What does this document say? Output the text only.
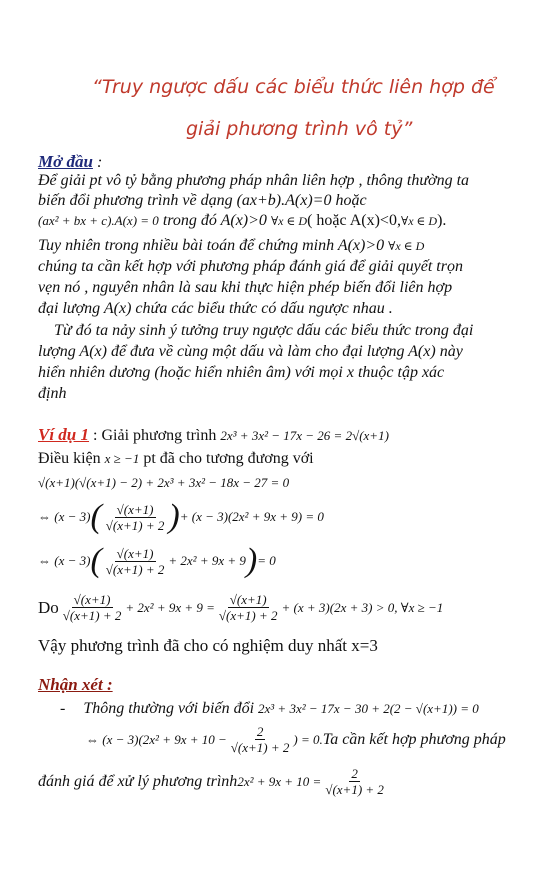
“Truy ngược dấu các biểu thức liên hợp để
giải phương trình vô tỷ”
Mở đầu :
Để giải pt vô tỷ bằng phương pháp nhân liên hợp , thông thường ta
biến đổi phương trình về dạng (ax+b).A(x)=0 hoặc
(ax² + bx + c).A(x) = 0 trong đó A(x)>0 ∀x ∈ D( hoặc A(x)<0,∀x ∈ D).
Tuy nhiên trong nhiều bài toán để chứng minh A(x)>0 ∀x ∈ D
chúng ta cần kết hợp với phương pháp đánh giá để giải quyết trọn
vẹn nó , nguyên nhân là sau khi thực hiện phép biến đổi liên hợp
đại lượng A(x) chứa các biểu thức có dấu ngược nhau .
Từ đó ta nảy sinh ý tưởng truy ngược dấu các biểu thức trong đại
lượng A(x) để đưa về cùng một dấu và làm cho đại lượng A(x) này
hiển nhiên dương (hoặc hiển nhiên âm) với mọi x thuộc tập xác
định
Ví dụ 1 : Giải phương trình 2x³ + 3x² − 17x − 26 = 2√(x+1)
Điều kiện x ≥ −1 pt đã cho tương đương với
√(x+1)(√(x+1) − 2) + 2x³ + 3x² − 18x − 27 = 0
⇔ (x − 3) ( $\frac{√(x+1)}{√(x+1) + 2}$ ) + (x − 3)(2x² + 9x + 9) = 0
⇔ (x − 3) ( $\frac{√(x+1)}{√(x+1) + 2} + 2x^2 + 9x + 9$ ) = 0
Do $\frac{√(x+1)}{√(x+1) + 2} + 2x^2 + 9x + 9 = \frac{√(x+1)}{√(x+1) + 2} + (x + 3)(2x + 3) > 0$, ∀x ≥ −1
Vậy phương trình đã cho có nghiệm duy nhất x=3
Nhận xét :
- Thông thường với biến đổi 2x³ + 3x² − 17x − 30 + 2(2 − √(x+1)) = 0
⇔ $(x - 3)(2x^2 + 9x + 10 - \frac{2}{√(x+1) + 2}$ ) = 0. Ta cần kết hợp phương pháp
đánh giá để xử lý phương trình $2x^2 + 9x + 10 = \frac{2}{√(x+1) + 2}$
